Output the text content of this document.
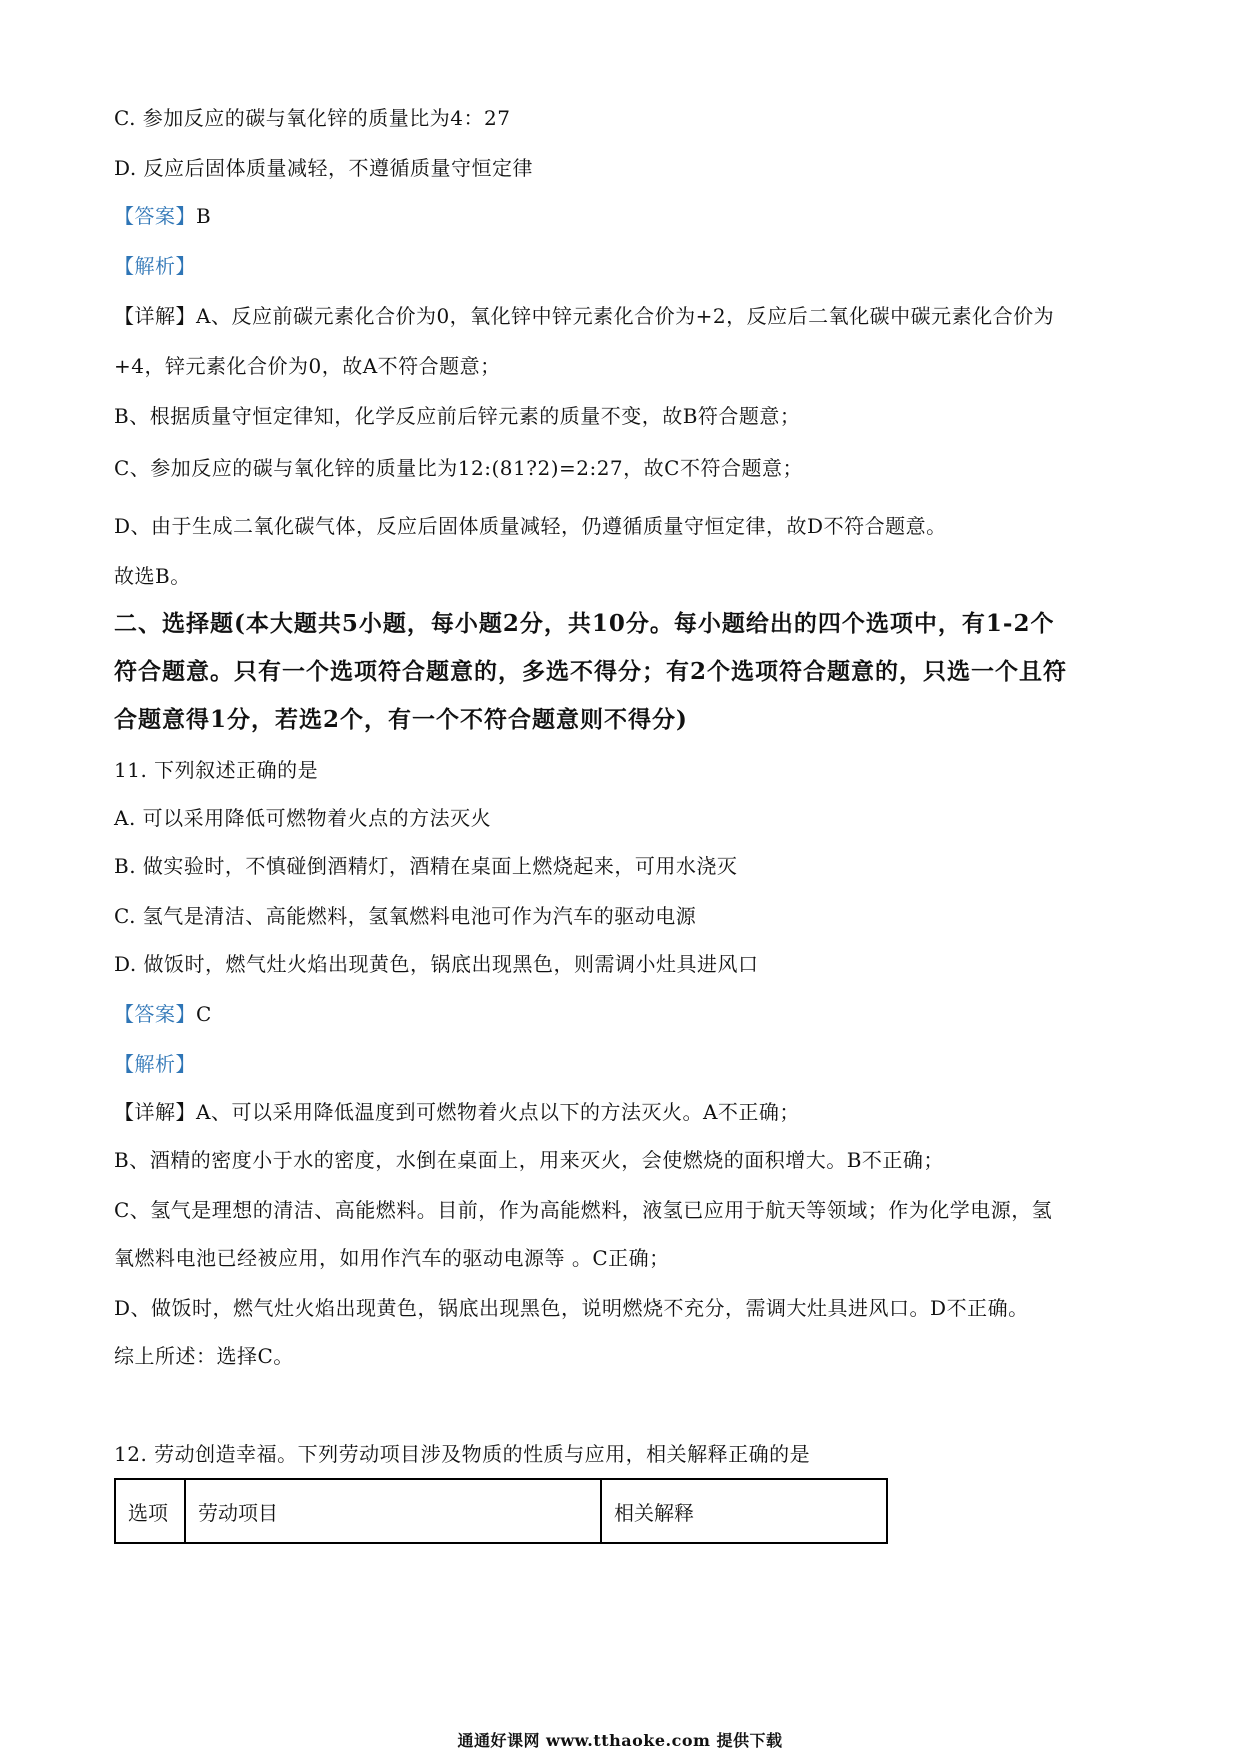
C. 参加反应的碳与氧化锌的质量比为4：27
D. 反应后固体质量减轻，不遵循质量守恒定律
【答案】B
【解析】
【详解】A、反应前碳元素化合价为0，氧化锌中锌元素化合价为+2，反应后二氧化碳中碳元素化合价为
+4，锌元素化合价为0，故A不符合题意；
B、根据质量守恒定律知，化学反应前后锌元素的质量不变，故B符合题意；
C、参加反应的碳与氧化锌的质量比为12:(81?2)=2:27，故C不符合题意；
D、由于生成二氧化碳气体，反应后固体质量减轻，仍遵循质量守恒定律，故D不符合题意。
故选B。
二、选择题(本大题共5小题，每小题2分，共10分。每小题给出的四个选项中，有1-2个
符合题意。只有一个选项符合题意的，多选不得分；有2个选项符合题意的，只选一个且符
合题意得1分，若选2个，有一个不符合题意则不得分)
11. 下列叙述正确的是
A. 可以采用降低可燃物着火点的方法灭火
B. 做实验时，不慎碰倒酒精灯，酒精在桌面上燃烧起来，可用水浇灭
C. 氢气是清洁、高能燃料，氢氧燃料电池可作为汽车的驱动电源
D. 做饭时，燃气灶火焰出现黄色，锅底出现黑色，则需调小灶具进风口
【答案】C
【解析】
【详解】A、可以采用降低温度到可燃物着火点以下的方法灭火。A不正确；
B、酒精的密度小于水的密度，水倒在桌面上，用来灭火，会使燃烧的面积增大。B不正确；
C、氢气是理想的清洁、高能燃料。目前，作为高能燃料，液氢已应用于航天等领域；作为化学电源，氢
氧燃料电池已经被应用，如用作汽车的驱动电源等 。C正确；
D、做饭时，燃气灶火焰出现黄色，锅底出现黑色，说明燃烧不充分，需调大灶具进风口。D不正确。
综上所述：选择C。
12. 劳动创造幸福。下列劳动项目涉及物质的性质与应用，相关解释正确的是
选项	劳动项目	相关解释
通通好课网 www.tthaoke.com 提供下载
